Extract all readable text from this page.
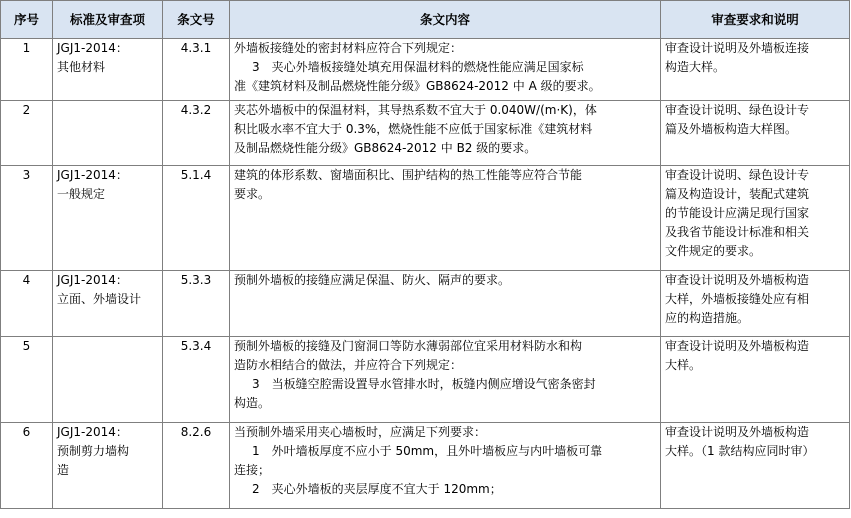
序号	标准及审查项	条文号	条文内容	审查要求和说明
1	JGJ1-2014：
其他材料	4.3.1	外墙板接缝处的密封材料应符合下列规定：
3　夹心外墙板接缝处填充用保温材料的燃烧性能应满足国家标
准《建筑材料及制品燃烧性能分级》GB8624-2012 中 A 级的要求。	审查设计说明及外墙板连接
构造大样。

2		4.3.2	夹芯外墙板中的保温材料，其导热系数不宜大于 0.040W/(m·K)，体
积比吸水率不宜大于 0.3%，燃烧性能不应低于国家标准《建筑材料
及制品燃烧性能分级》GB8624-2012 中 B2 级的要求。	审查设计说明、绿色设计专
篇及外墙板构造大样图。

3	JGJ1-2014：
一般规定	5.1.4	建筑的体形系数、窗墙面积比、围护结构的热工性能等应符合节能
要求。	审查设计说明、绿色设计专
篇及构造设计，装配式建筑
的节能设计应满足现行国家
及我省节能设计标准和相关
文件规定的要求。

4	JGJ1-2014：
立面、外墙设计	5.3.3	预制外墙板的接缝应满足保温、防火、隔声的要求。	审查设计说明及外墙板构造
大样，外墙板接缝处应有相
应的构造措施。

5		5.3.4	预制外墙板的接缝及门窗洞口等防水薄弱部位宜采用材料防水和构
造防水相结合的做法，并应符合下列规定：
3　当板缝空腔需设置导水管排水时，板缝内侧应增设气密条密封
构造。	审查设计说明及外墙板构造
大样。

6	JGJ1-2014：
预制剪力墙构
造	8.2.6	当预制外墙采用夹心墙板时，应满足下列要求：
1　外叶墙板厚度不应小于 50mm，且外叶墙板应与内叶墙板可靠
连接；
2　夹心外墙板的夹层厚度不宜大于 120mm；	审查设计说明及外墙板构造
大样。（1 款结构应同时审）
